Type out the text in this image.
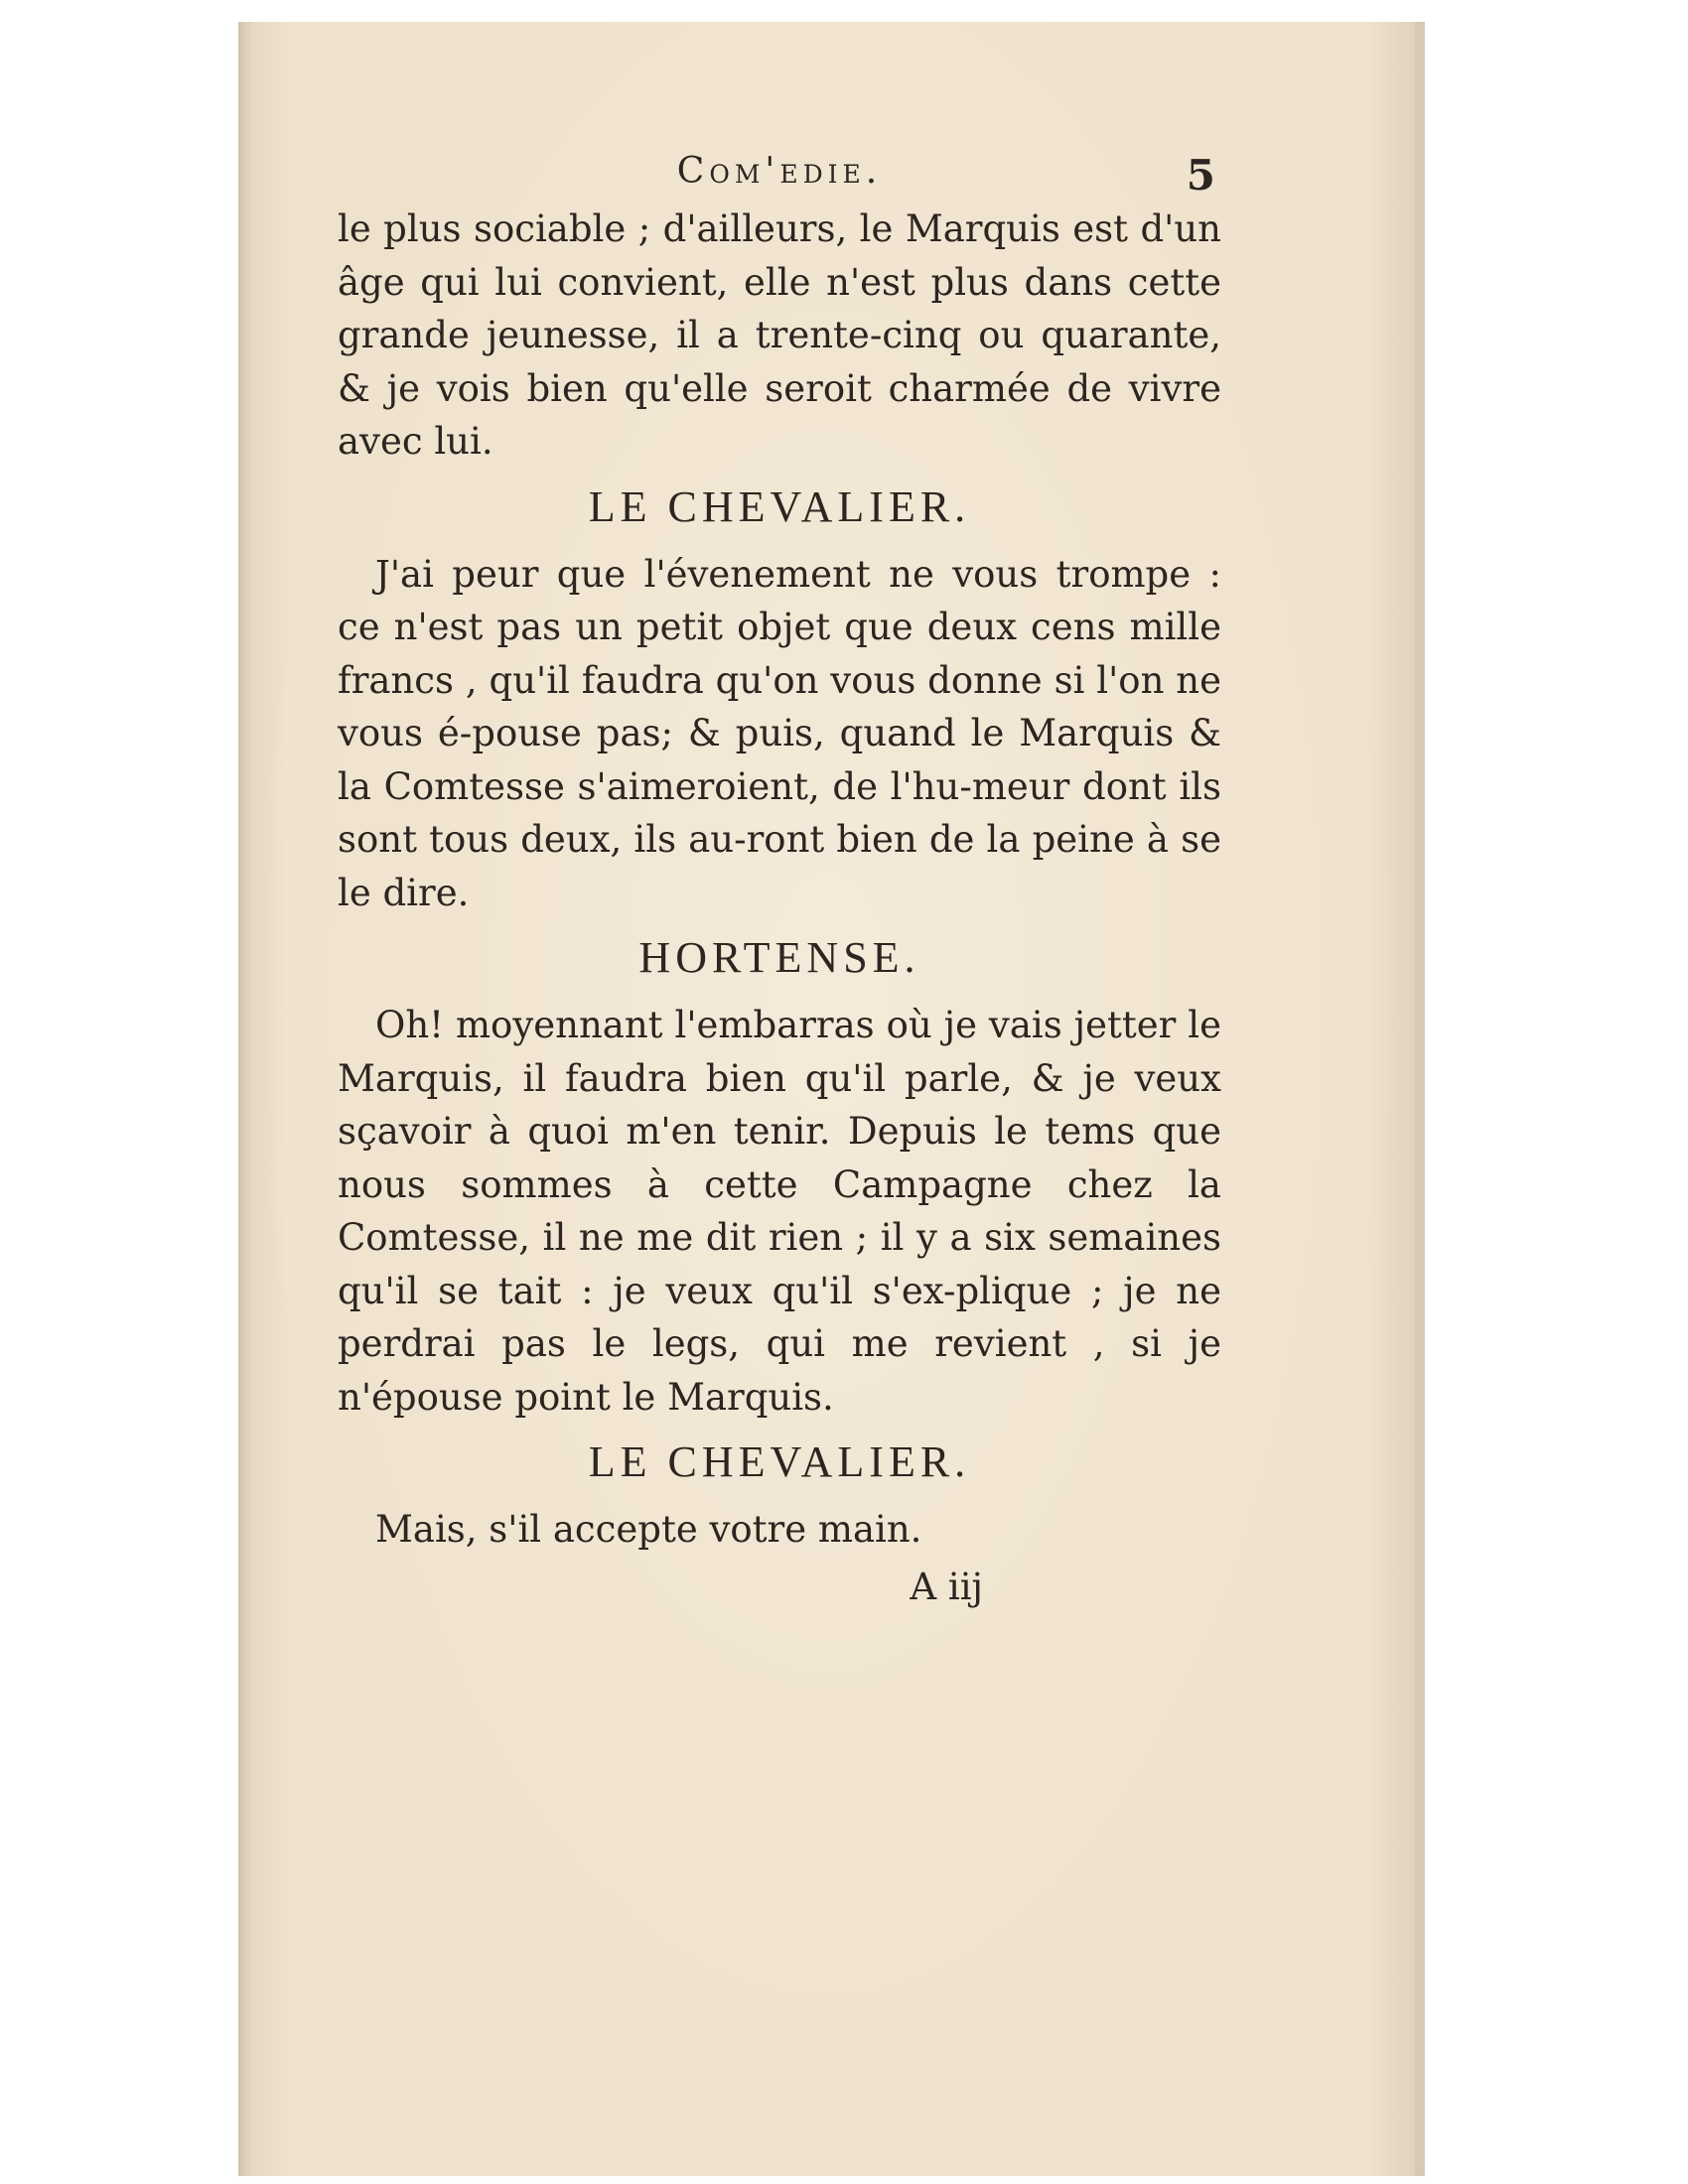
Com'edie.	5

le plus sociable ; d'ailleurs, le Marquis est d'un âge qui lui convient, elle n'est plus dans cette grande jeunesse, il a trente-cinq ou quarante, & je vois bien qu'elle seroit charmée de vivre avec lui.

LE CHEVALIER.

J'ai peur que l'évenement ne vous trompe : ce n'est pas un petit objet que deux cens mille francs , qu'il faudra qu'on vous donne si l'on ne vous é-pouse pas; & puis, quand le Marquis & la Comtesse s'aimeroient, de l'hu-meur dont ils sont tous deux, ils au-ront bien de la peine à se le dire.

HORTENSE.

Oh! moyennant l'embarras où je vais jetter le Marquis, il faudra bien qu'il parle, & je veux sçavoir à quoi m'en tenir. Depuis le tems que nous sommes à cette Campagne chez la Comtesse, il ne me dit rien ; il y a six semaines qu'il se tait : je veux qu'il s'ex-plique ; je ne perdrai pas le legs, qui me revient , si je n'épouse point le Marquis.

LE CHEVALIER.

Mais, s'il accepte votre main.

A iij
